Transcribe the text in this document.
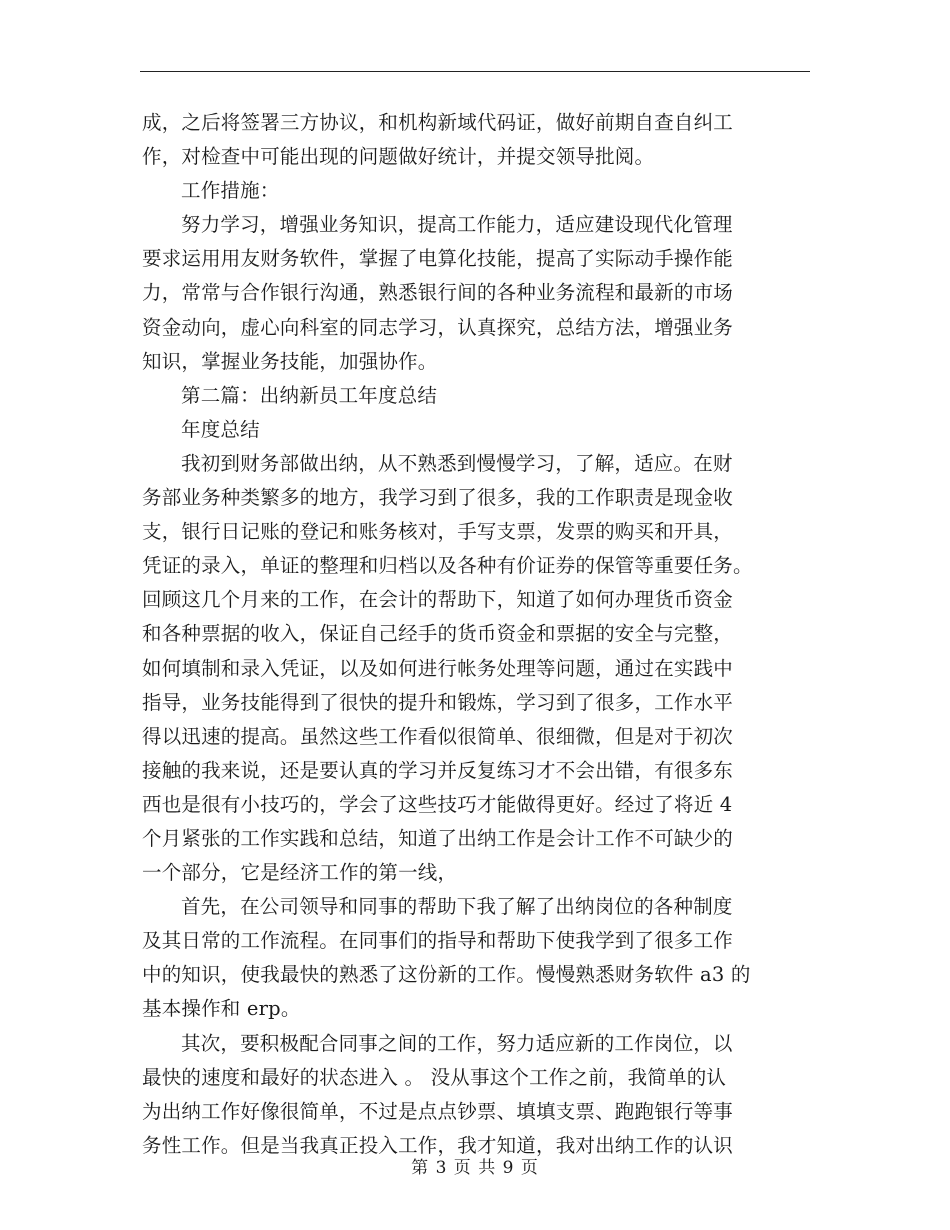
成，之后将签署三方协议，和机构新域代码证，做好前期自查自纠工
作，对检查中可能出现的问题做好统计，并提交领导批阅。

工作措施：

努力学习，增强业务知识，提高工作能力，适应建设现代化管理
要求运用用友财务软件，掌握了电算化技能，提高了实际动手操作能
力，常常与合作银行沟通，熟悉银行间的各种业务流程和最新的市场
资金动向，虚心向科室的同志学习，认真探究，总结方法，增强业务
知识，掌握业务技能，加强协作。

第二篇：出纳新员工年度总结

年度总结

我初到财务部做出纳，从不熟悉到慢慢学习，了解，适应。在财
务部业务种类繁多的地方，我学习到了很多，我的工作职责是现金收
支，银行日记账的登记和账务核对，手写支票，发票的购买和开具，
凭证的录入，单证的整理和归档以及各种有价证券的保管等重要任务。
回顾这几个月来的工作，在会计的帮助下，知道了如何办理货币资金
和各种票据的收入，保证自己经手的货币资金和票据的安全与完整，
如何填制和录入凭证，以及如何进行帐务处理等问题，通过在实践中
指导，业务技能得到了很快的提升和锻炼，学习到了很多，工作水平
得以迅速的提高。虽然这些工作看似很简单、很细微，但是对于初次
接触的我来说，还是要认真的学习并反复练习才不会出错，有很多东
西也是很有小技巧的，学会了这些技巧才能做得更好。经过了将近 4
个月紧张的工作实践和总结，知道了出纳工作是会计工作不可缺少的
一个部分，它是经济工作的第一线，

首先，在公司领导和同事的帮助下我了解了出纳岗位的各种制度
及其日常的工作流程。在同事们的指导和帮助下使我学到了很多工作
中的知识，使我最快的熟悉了这份新的工作。慢慢熟悉财务软件 a3 的
基本操作和 erp。

其次，要积极配合同事之间的工作，努力适应新的工作岗位，以
最快的速度和最好的状态进入 。 没从事这个工作之前，我简单的认
为出纳工作好像很简单，不过是点点钞票、填填支票、跑跑银行等事
务性工作。但是当我真正投入工作，我才知道，我对出纳工作的认识

第 3 页 共 9 页
